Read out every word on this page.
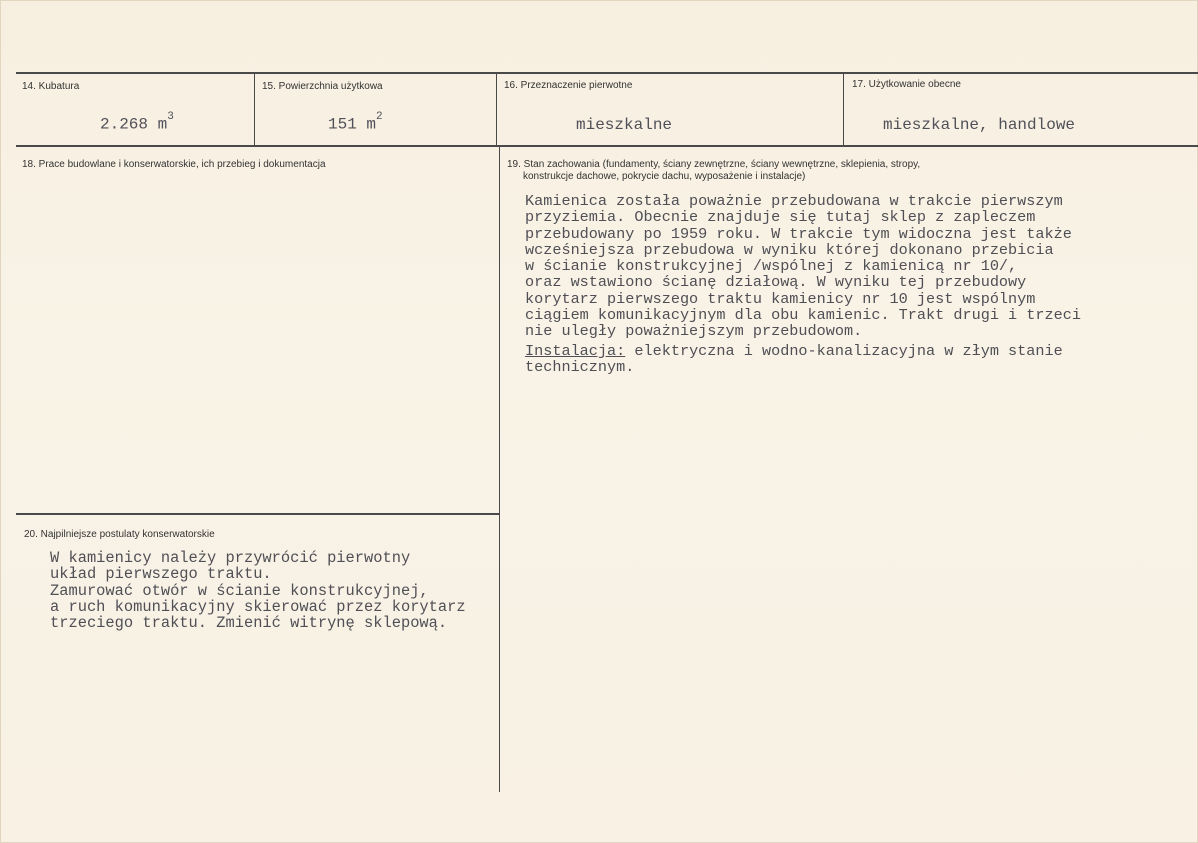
14. Kubatura
2.268 $m^3$
15. Powierzchnia użytkowa
151 $m^2$
16. Przeznaczenie pierwotne
mieszkalne
17. Użytkowanie obecne
mieszkalne, handlowe
18. Prace budowlane i konserwatorskie, ich przebieg i dokumentacja	19. Stan zachowania (fundamenty, ściany zewnętrzne, ściany wewnętrzne, sklepienia, stropy,
konstrukcje dachowe, pokrycie dachu, wyposażenie i instalacje)
Kamienica została poważnie przebudowana w trakcie pierwszym
przyziemia. Obecnie znajduje się tutaj sklep z zapleczem
przebudowany po 1959 roku. W trakcie tym widoczna jest także
wcześniejsza przebudowa w wyniku której dokonano przebicia
w ścianie konstrukcyjnej /wspólnej z kamienicą nr 10/,
oraz wstawiono ścianę działową. W wyniku tej przebudowy
korytarz pierwszego traktu kamienicy nr 10 jest wspólnym
ciągiem komunikacyjnym dla obu kamienic. Trakt drugi i trzeci
nie uległy poważniejszym przebudowom.
Instalacja: elektryczna i wodno-kanalizacyjna w złym stanie
technicznym.
20. Najpilniejsze postulaty konserwatorskie
W kamienicy należy przywrócić pierwotny
układ pierwszego traktu.
Zamurować otwór w ścianie konstrukcyjnej,
a ruch komunikacyjny skierować przez korytarz
trzeciego traktu. Zmienić witrynę sklepową.
